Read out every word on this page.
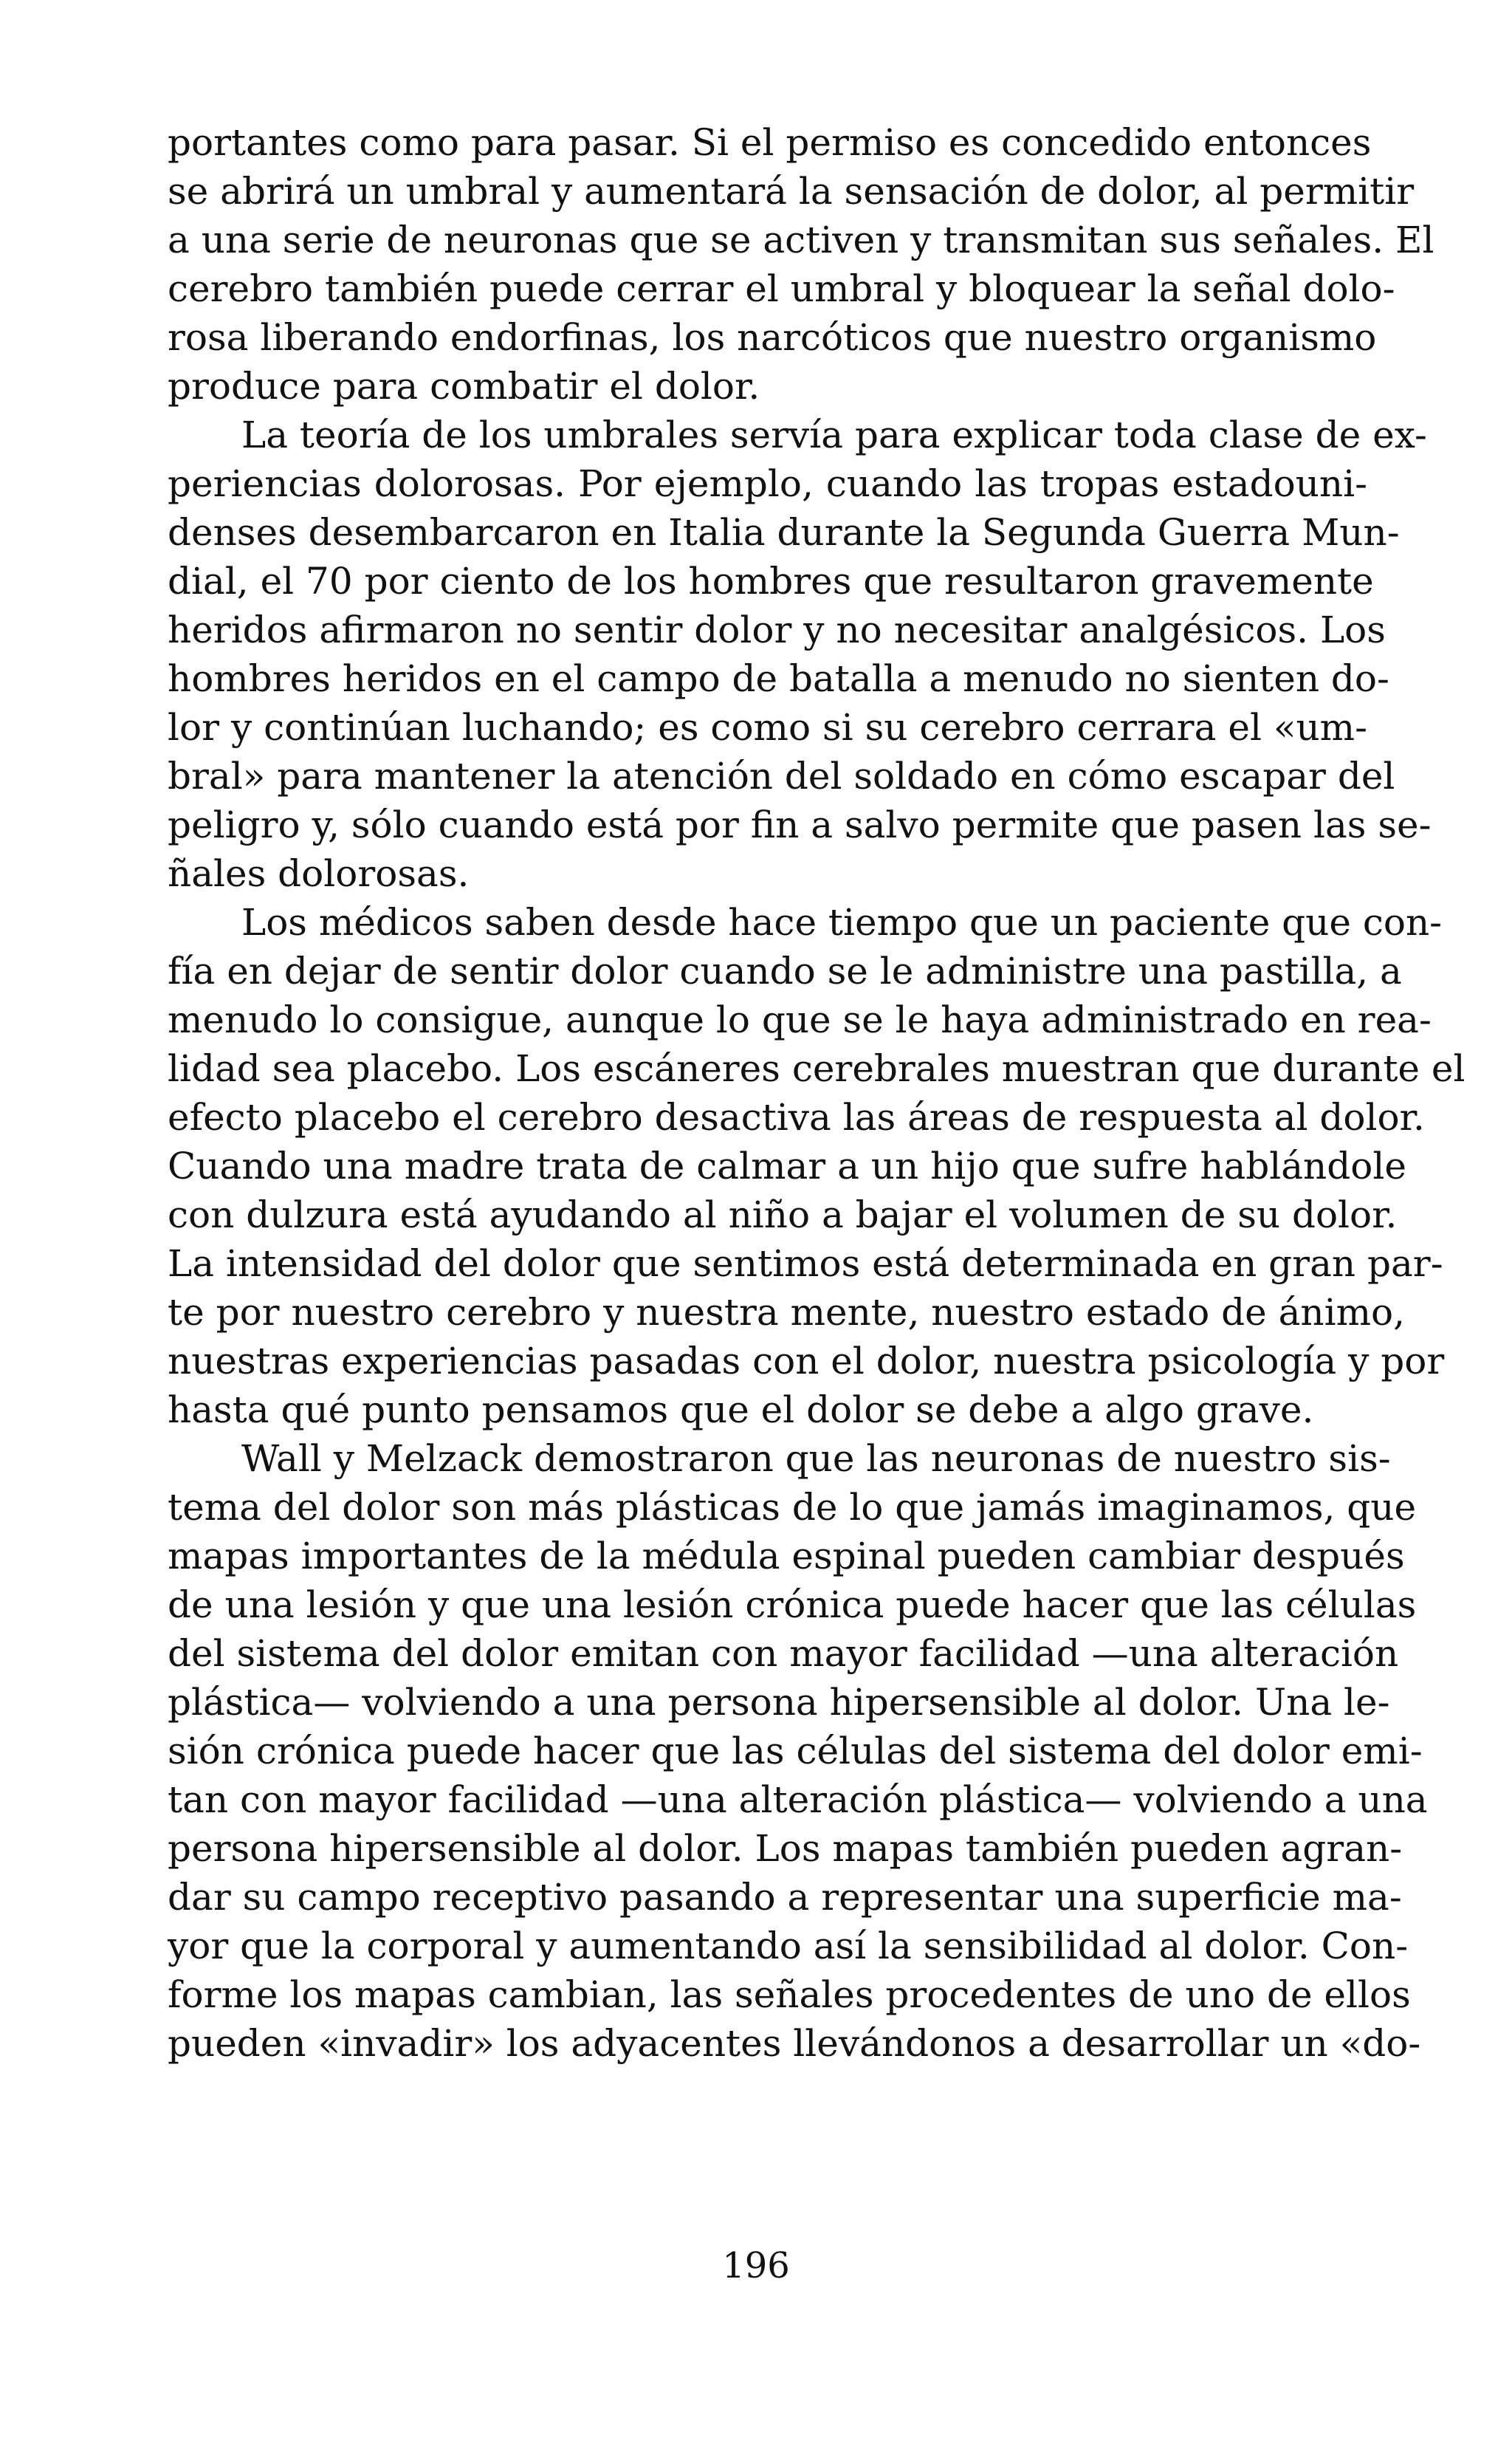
portantes como para pasar. Si el permiso es concedido entonces
se abrirá un umbral y aumentará la sensación de dolor, al permitir
a una serie de neuronas que se activen y transmitan sus señales. El
cerebro también puede cerrar el umbral y bloquear la señal dolo-
rosa liberando endorfinas, los narcóticos que nuestro organismo
produce para combatir el dolor.
La teoría de los umbrales servía para explicar toda clase de ex-
periencias dolorosas. Por ejemplo, cuando las tropas estadouni-
denses desembarcaron en Italia durante la Segunda Guerra Mun-
dial, el 70 por ciento de los hombres que resultaron gravemente
heridos afirmaron no sentir dolor y no necesitar analgésicos. Los
hombres heridos en el campo de batalla a menudo no sienten do-
lor y continúan luchando; es como si su cerebro cerrara el «um-
bral» para mantener la atención del soldado en cómo escapar del
peligro y, sólo cuando está por fin a salvo permite que pasen las se-
ñales dolorosas.
Los médicos saben desde hace tiempo que un paciente que con-
fía en dejar de sentir dolor cuando se le administre una pastilla, a
menudo lo consigue, aunque lo que se le haya administrado en rea-
lidad sea placebo. Los escáneres cerebrales muestran que durante el
efecto placebo el cerebro desactiva las áreas de respuesta al dolor.
Cuando una madre trata de calmar a un hijo que sufre hablándole
con dulzura está ayudando al niño a bajar el volumen de su dolor.
La intensidad del dolor que sentimos está determinada en gran par-
te por nuestro cerebro y nuestra mente, nuestro estado de ánimo,
nuestras experiencias pasadas con el dolor, nuestra psicología y por
hasta qué punto pensamos que el dolor se debe a algo grave.
Wall y Melzack demostraron que las neuronas de nuestro sis-
tema del dolor son más plásticas de lo que jamás imaginamos, que
mapas importantes de la médula espinal pueden cambiar después
de una lesión y que una lesión crónica puede hacer que las células
del sistema del dolor emitan con mayor facilidad —una alteración
plástica— volviendo a una persona hipersensible al dolor. Una le-
sión crónica puede hacer que las células del sistema del dolor emi-
tan con mayor facilidad —una alteración plástica— volviendo a una
persona hipersensible al dolor. Los mapas también pueden agran-
dar su campo receptivo pasando a representar una superficie ma-
yor que la corporal y aumentando así la sensibilidad al dolor. Con-
forme los mapas cambian, las señales procedentes de uno de ellos
pueden «invadir» los adyacentes llevándonos a desarrollar un «do-
196
